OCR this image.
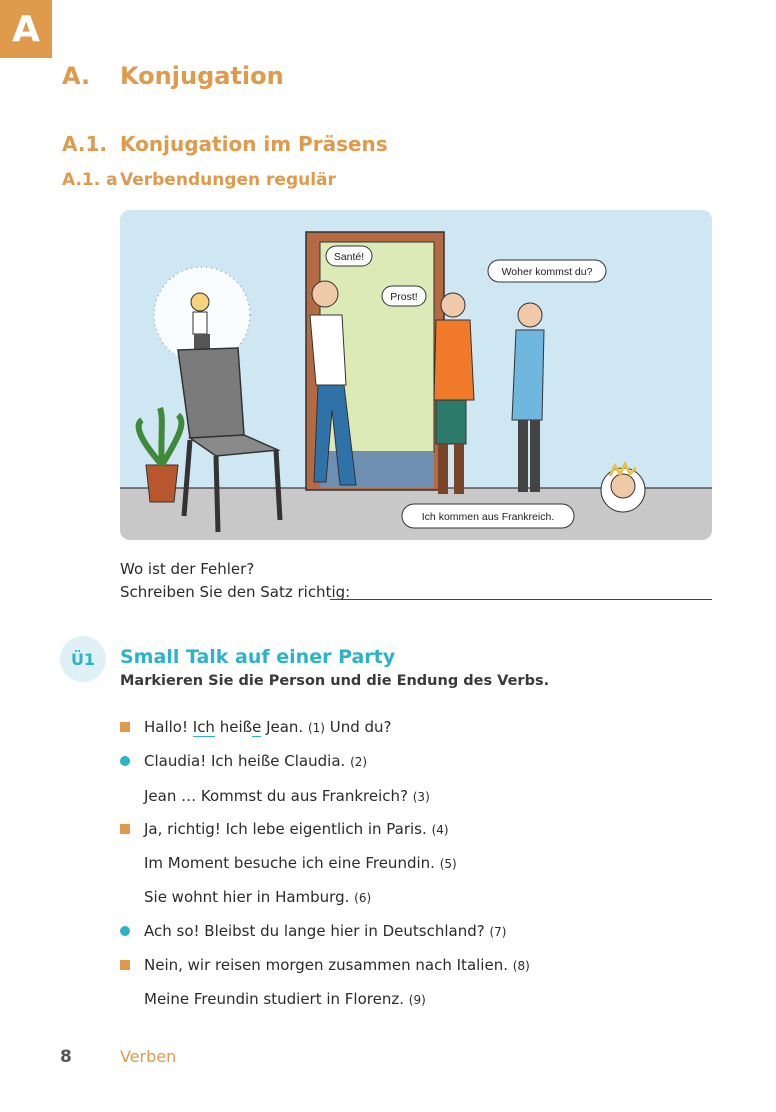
A
A. Konjugation
A.1. Konjugation im Präsens
A.1. a Verbendungen regulär
Santé!
Prost!
Woher kommst du?
Ich kommen aus Frankreich.
Wo ist der Fehler?
Schreiben Sie den Satz richtig:
Ü1	Small Talk auf einer Party
Markieren Sie die Person und die Endung des Verbs.
Hallo! Ich heiße Jean. (1) Und du?
Claudia! Ich heiße Claudia. (2)
Jean … Kommst du aus Frankreich? (3)
Ja, richtig! Ich lebe eigentlich in Paris. (4)
Im Moment besuche ich eine Freundin. (5)
Sie wohnt hier in Hamburg. (6)
Ach so! Bleibst du lange hier in Deutschland? (7)
Nein, wir reisen morgen zusammen nach Italien. (8)
Meine Freundin studiert in Florenz. (9)
8	Verben
